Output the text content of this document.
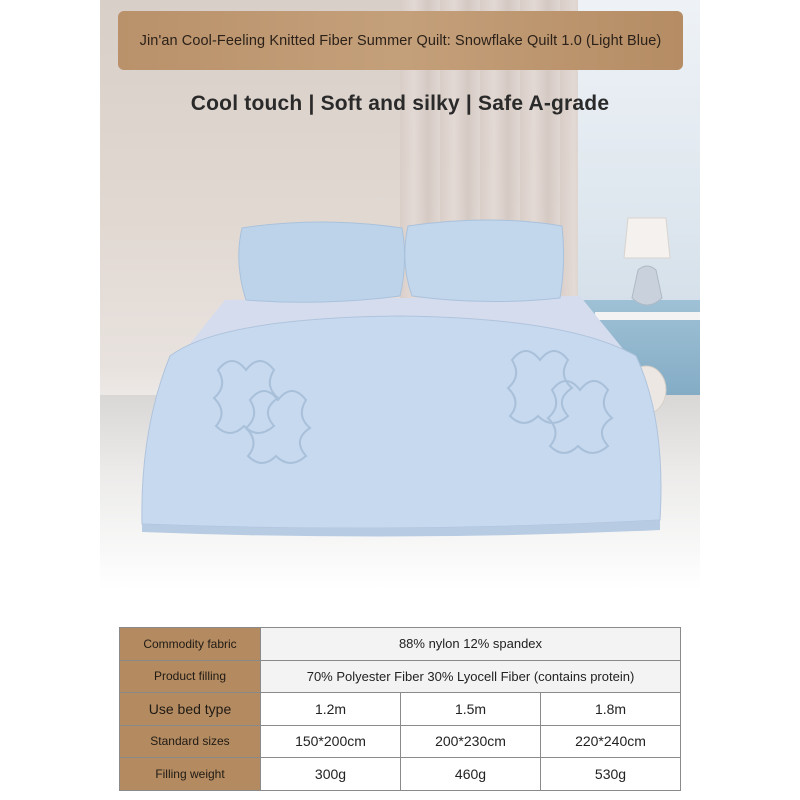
Jin'an Cool-Feeling Knitted Fiber Summer Quilt: Snowflake Quilt 1.0 (Light Blue)
Cool touch | Soft and silky | Safe A-grade
Commodity fabric	88% nylon 12% spandex		
Product filling	70% Polyester Fiber 30% Lyocell Fiber (contains protein)		
Use bed type	1.2m	1.5m	1.8m
Standard sizes	150*200cm	200*230cm	220*240cm
Filling weight	300g	460g	530g
